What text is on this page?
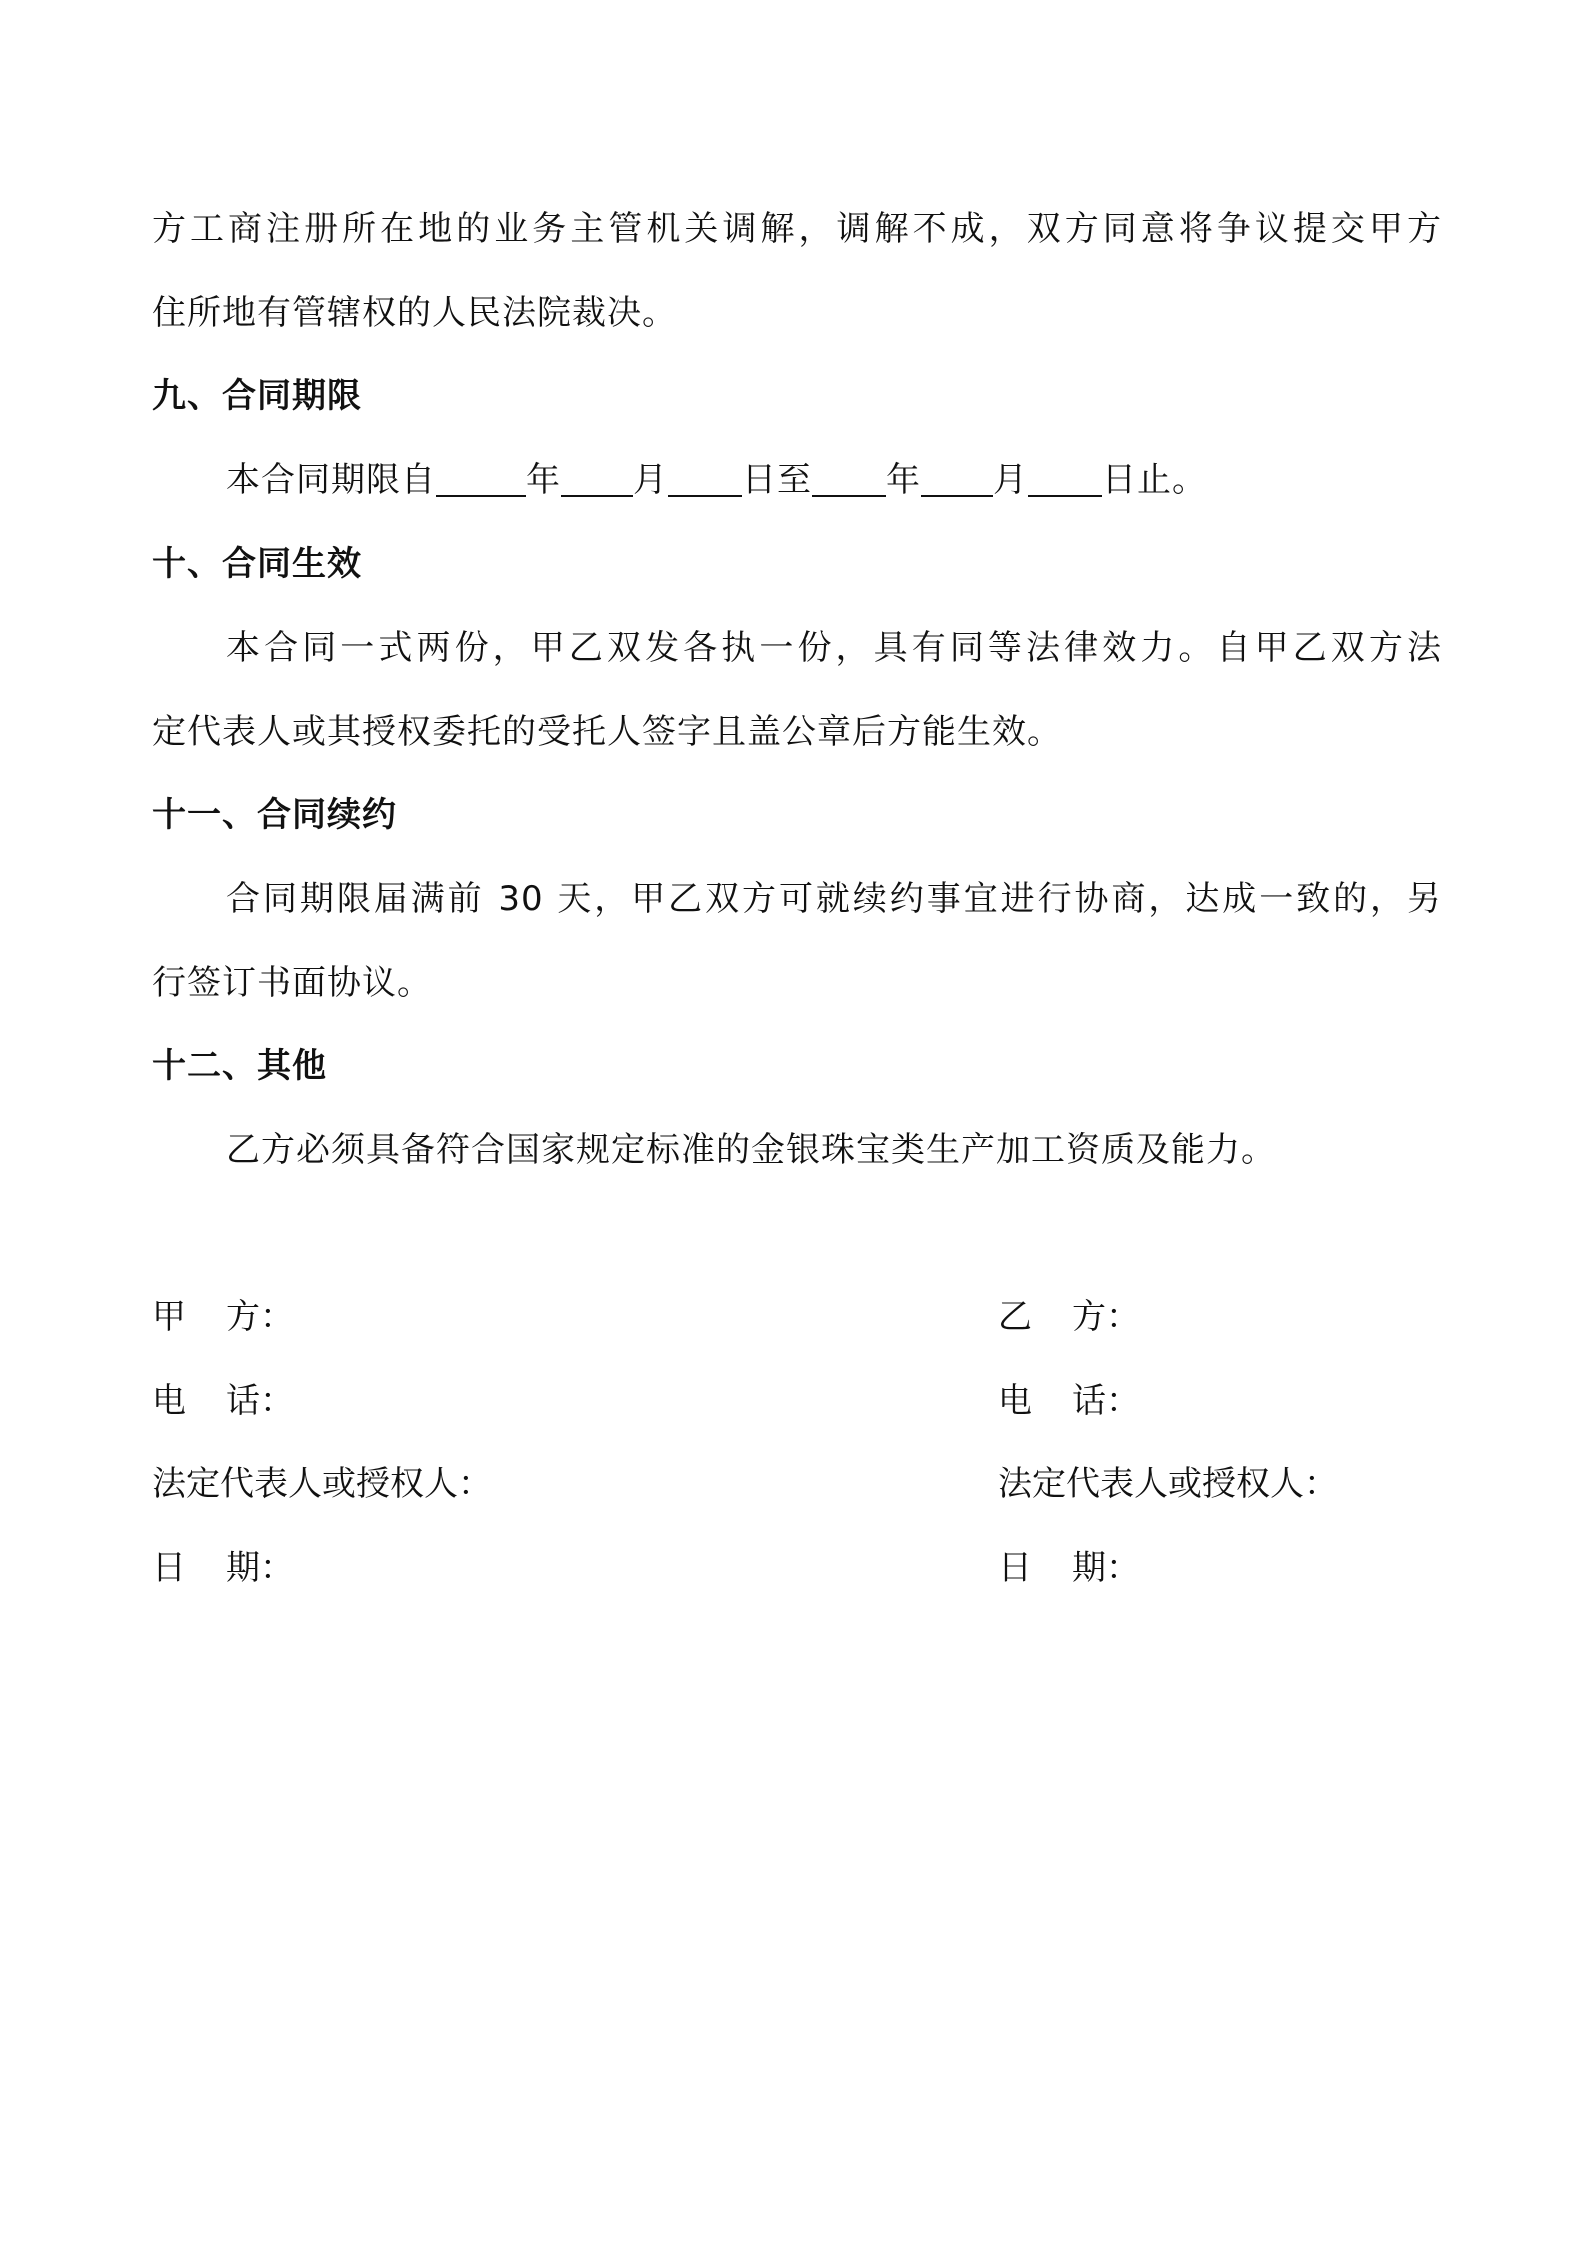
方工商注册所在地的业务主管机关调解，调解不成，双方同意将争议提交甲方
住所地有管辖权的人民法院裁决。
九、合同期限
本合同期限自	年 月 日至 年 月 日止。
十、合同生效
本合同一式两份，甲乙双发各执一份，具有同等法律效力。自甲乙双方法
定代表人或其授权委托的受托人签字且盖公章后方能生效。
十一、合同续约
合同期限届满前 30 天，甲乙双方可就续约事宜进行协商，达成一致的，另
行签订书面协议。
十二、其他
乙方必须具备符合国家规定标准的金银珠宝类生产加工资质及能力。
甲 方：
电 话：
法定代表人或授权人：
日 期：
乙 方：
电 话：
法定代表人或授权人：
日 期：
